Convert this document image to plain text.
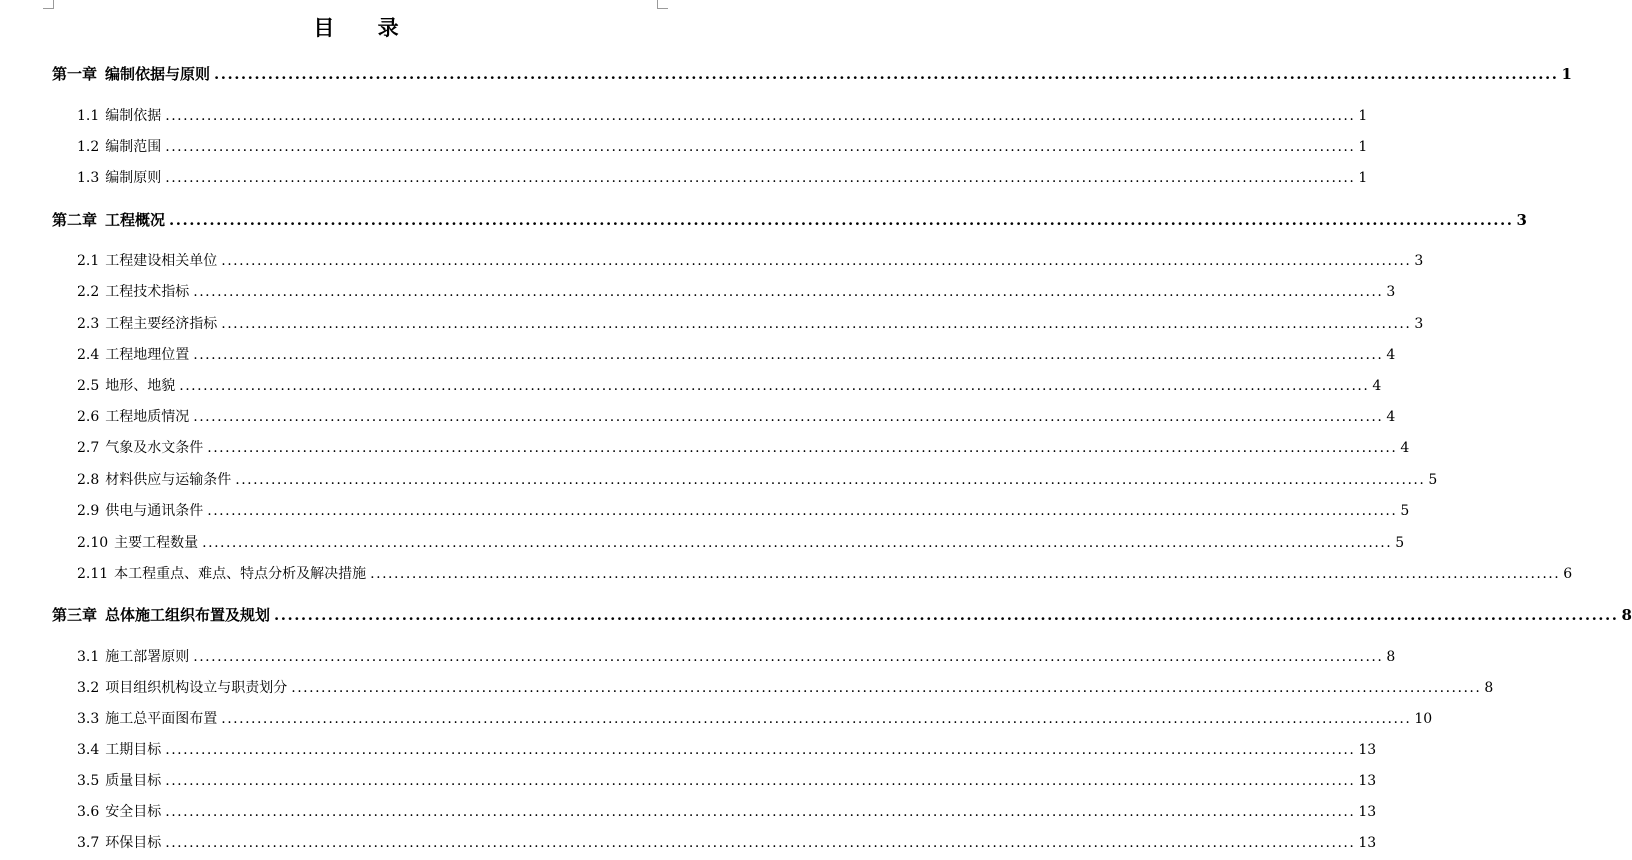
目 录
第一章 编制依据与原则 ........................................................................................................................................................................................................ 1
1.1 编制依据 ........................................................................................................................................................................................................ 1
1.2 编制范围 ........................................................................................................................................................................................................ 1
1.3 编制原则 ........................................................................................................................................................................................................ 1
第二章 工程概况 ........................................................................................................................................................................................................ 3
2.1 工程建设相关单位 ........................................................................................................................................................................................................ 3
2.2 工程技术指标 ........................................................................................................................................................................................................ 3
2.3 工程主要经济指标 ........................................................................................................................................................................................................ 3
2.4 工程地理位置 ........................................................................................................................................................................................................ 4
2.5 地形、地貌 ........................................................................................................................................................................................................ 4
2.6 工程地质情况 ........................................................................................................................................................................................................ 4
2.7 气象及水文条件 ........................................................................................................................................................................................................ 4
2.8 材料供应与运输条件 ........................................................................................................................................................................................................ 5
2.9 供电与通讯条件 ........................................................................................................................................................................................................ 5
2.10 主要工程数量 ........................................................................................................................................................................................................ 5
2.11 本工程重点、难点、特点分析及解决措施 ........................................................................................................................................................................................................ 6
第三章 总体施工组织布置及规划 ........................................................................................................................................................................................................ 8
3.1 施工部署原则 ........................................................................................................................................................................................................ 8
3.2 项目组织机构设立与职责划分 ........................................................................................................................................................................................................ 8
3.3 施工总平面图布置 ........................................................................................................................................................................................................ 10
3.4 工期目标 ........................................................................................................................................................................................................ 13
3.5 质量目标 ........................................................................................................................................................................................................ 13
3.6 安全目标 ........................................................................................................................................................................................................ 13
3.7 环保目标 ........................................................................................................................................................................................................ 13
